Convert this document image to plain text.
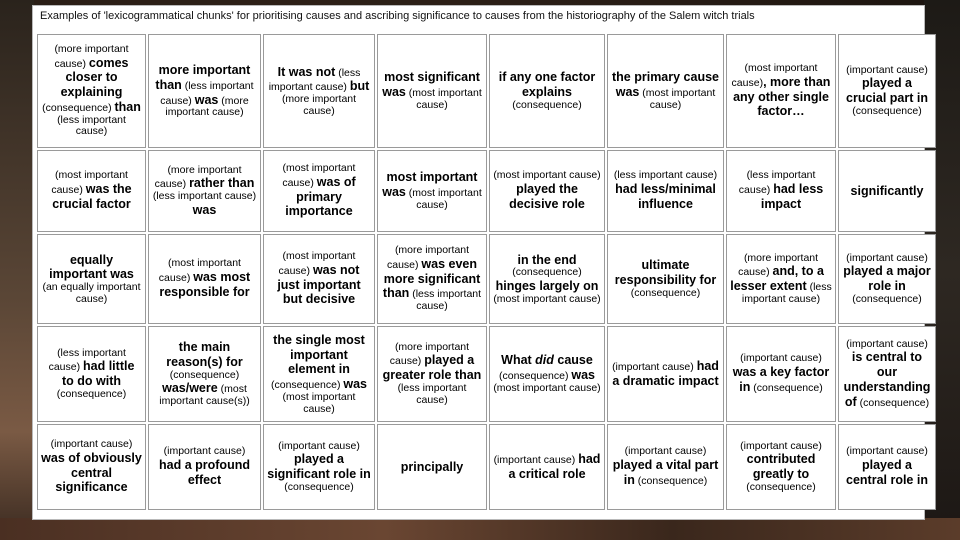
Examples of 'lexicogrammatical chunks' for prioritising causes and ascribing significance to causes from the historiography of the Salem witch trials
(more important cause) comes closer to explaining (consequence) than (less important cause)
more important than (less important cause) was (more important cause)
It was not (less important cause) but (more important cause)
most significant was (most important cause)
if any one factor explains (consequence)
the primary cause was (most important cause)
(most important cause), more than any other single factor…
(important cause) played a crucial part in (consequence)
(most important cause) was the crucial factor
(more important cause) rather than (less important cause) was
(most important cause) was of primary importance
most important was (most important cause)
(most important cause) played the decisive role
(less important cause) had less/minimal influence
(less important cause) had less impact
significantly
equally important was (an equally important cause)
(most important cause) was most responsible for
(most important cause) was not just important but decisive
(more important cause) was even more significant than (less important cause)
in the end (consequence) hinges largely on (most important cause)
ultimate responsibility for (consequence)
(more important cause) and, to a lesser extent (less important cause)
(important cause) played a major role in (consequence)
(less important cause) had little to do with (consequence)
the main reason(s) for (consequence) was/were (most important cause(s))
the single most important element in (consequence) was (most important cause)
(more important cause) played a greater role than (less important cause)
What did cause (consequence) was (most important cause)
(important cause) had a dramatic impact
(important cause) was a key factor in (consequence)
(important cause) is central to our understanding of (consequence)
(important cause) was of obviously central significance
(important cause) had a profound effect
(important cause) played a significant role in (consequence)
principally	(important cause) had a critical role
(important cause) played a vital part in (consequence)
(important cause) contributed greatly to (consequence)
(important cause) played a central role in
